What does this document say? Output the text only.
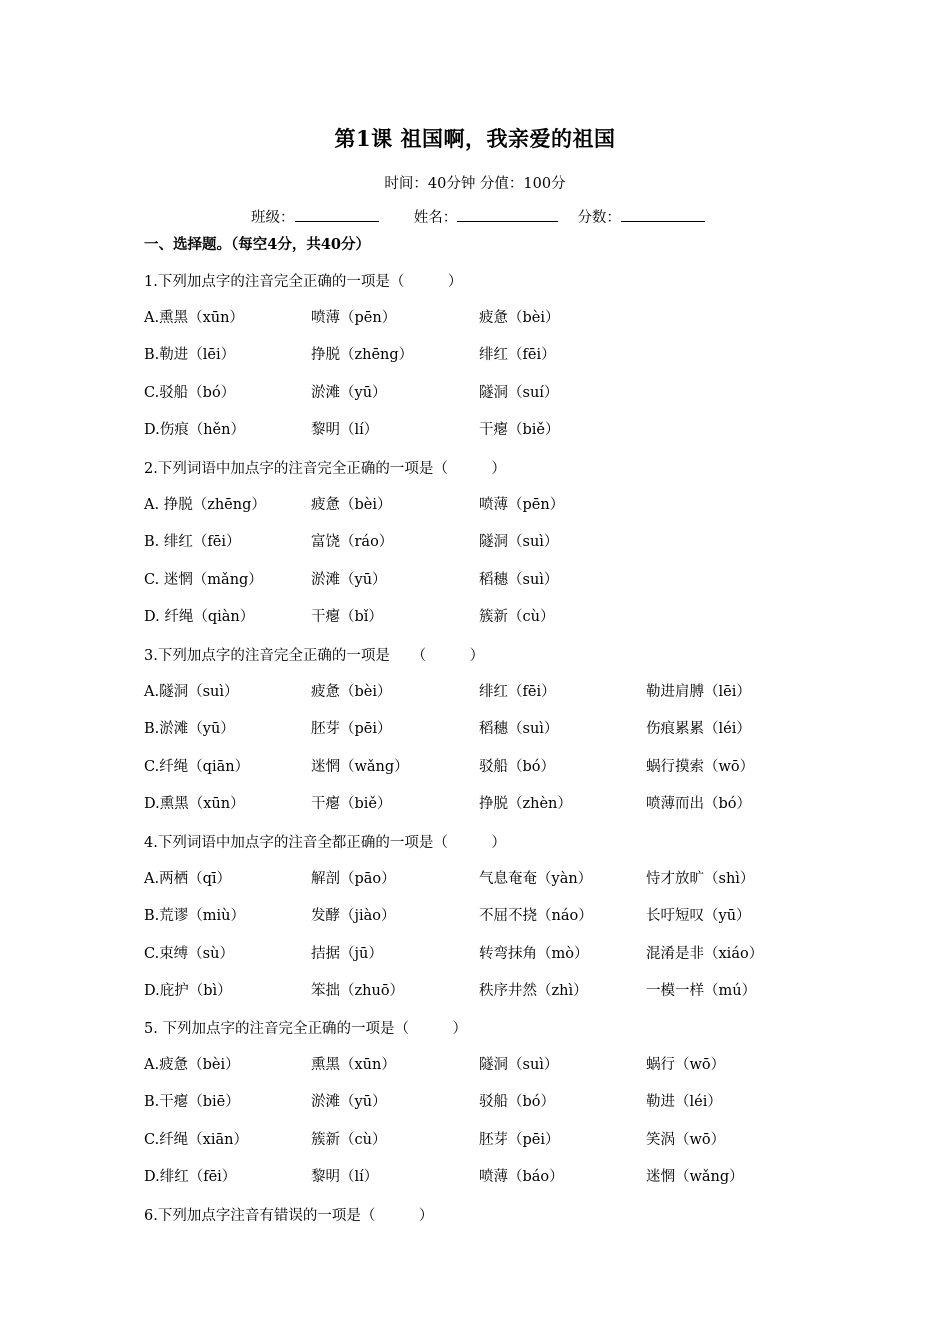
第1课 祖国啊，我亲爱的祖国
时间：40分钟 分值：100分
班级：	姓名：	分数：
一、选择题。（每空4分，共40分）
1.下列加点字的注音完全正确的一项是（　　　）
A.熏黑（xūn）	喷薄（pēn）	疲惫（bèi）
B.勒进（lēi）	挣脱（zhēng）	绯红（fēi）
C.驳船（bó）	淤滩（yū）	隧洞（suí）
D.伤痕（hěn）	黎明（lí）	干瘪（biě）
2.下列词语中加点字的注音完全正确的一项是（　　　）
A. 挣脱（zhēng）	疲惫（bèi）	喷薄（pēn）
B. 绯红（fēi）	富饶（ráo）	隧洞（suì）
C. 迷惘（mǎng）	淤滩（yū）	稻穗（suì）
D. 纤绳（qiàn）	干瘪（bǐ）	簇新（cù）
3.下列加点字的注音完全正确的一项是　　（　　　）
A.隧洞（suì）	疲惫（bèi）	绯红（fēi）	勒进肩膊（lēi）
B.淤滩（yū）	胚芽（pēi）	稻穗（suì）	伤痕累累（léi）
C.纤绳（qiān）	迷惘（wǎng）	驳船（bó）	蜗行摸索（wō）
D.熏黑（xūn）	干瘪（biě）	挣脱（zhèn）	喷薄而出（bó）
4.下列词语中加点字的注音全都正确的一项是（　　　）
A.两栖（qī）	解剖（pāo）	气息奄奄（yàn）	恃才放旷（shì）
B.荒谬（miù）	发酵（jiào）	不屈不挠（náo）	长吁短叹（yū）
C.束缚（sù）	拮据（jū）	转弯抹角（mò）	混淆是非（xiáo）
D.庇护（bì）	笨拙（zhuō）	秩序井然（zhì）	一模一样（mú）
5. 下列加点字的注音完全正确的一项是（　　　）
A.疲惫（bèi）	熏黑（xūn）	隧洞（suì）	蜗行（wō）
B.干瘪（biē）	淤滩（yū）	驳船（bó）	勒进（léi）
C.纤绳（xiān）	簇新（cù）	胚芽（pēi）	笑涡（wō）
D.绯红（fēi）	黎明（lí）	喷薄（báo）	迷惘（wǎng）
6.下列加点字注音有错误的一项是（　　　）
